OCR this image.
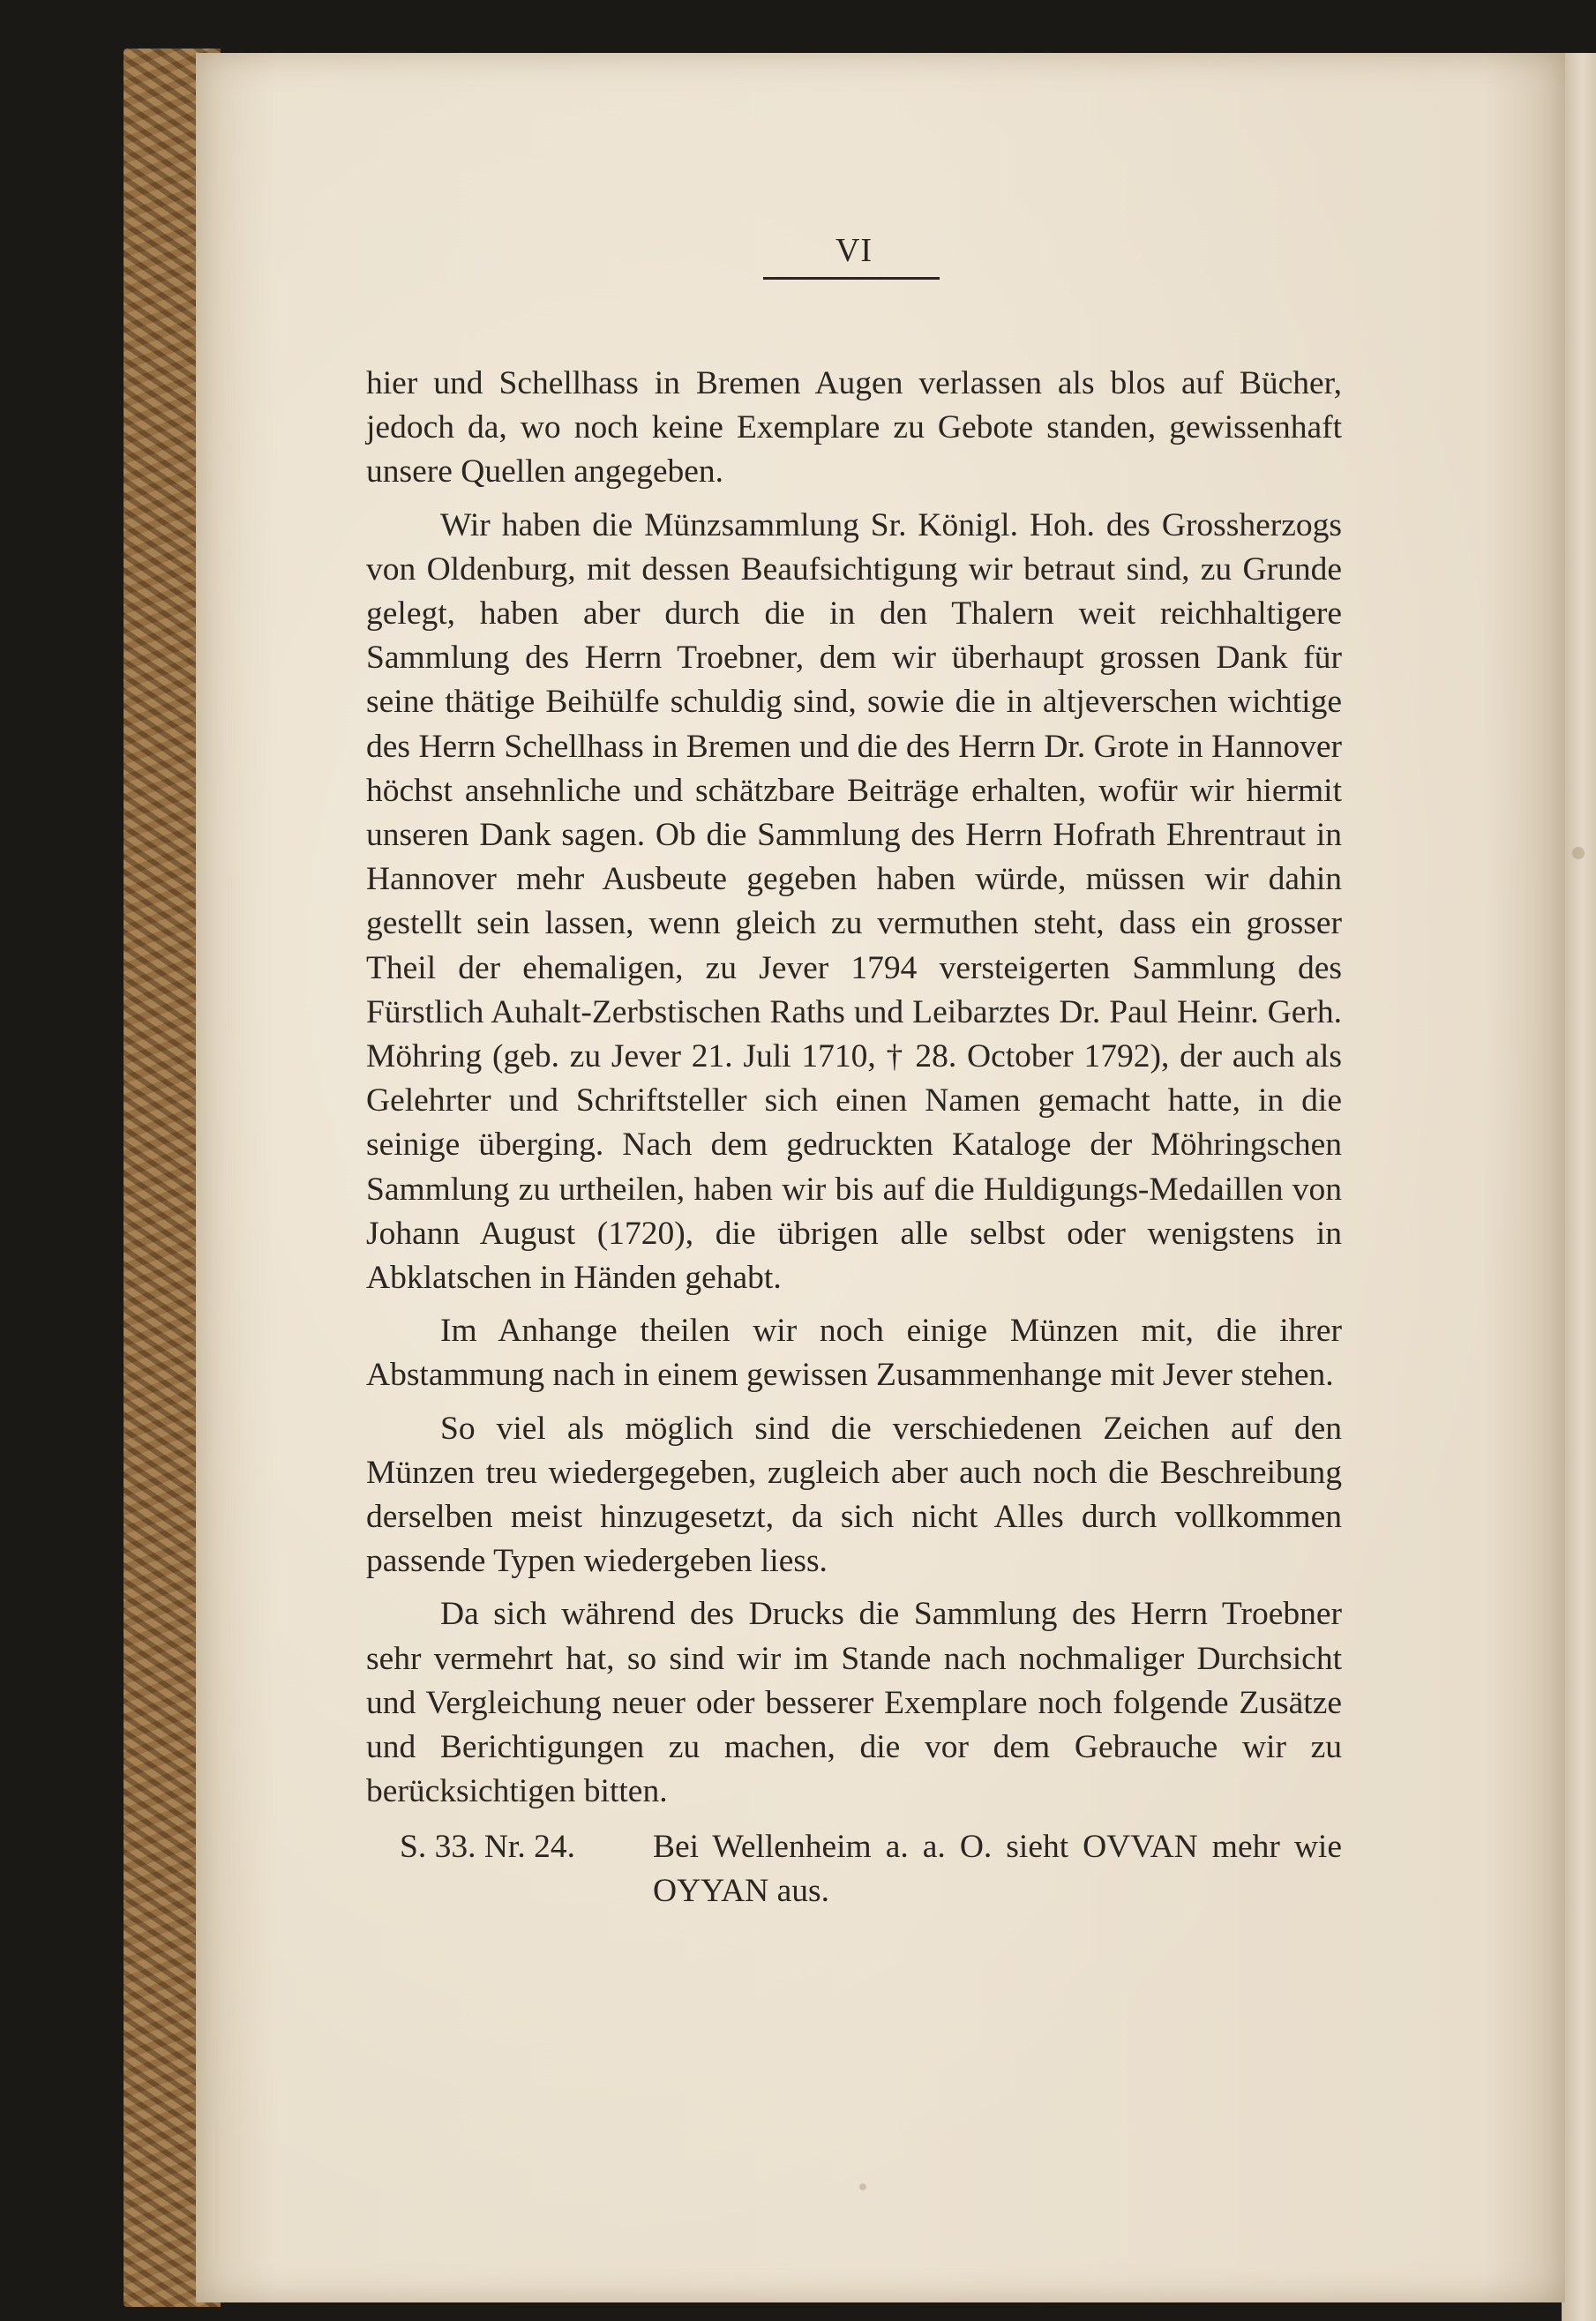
VI

hier und Schellhass in Bremen Augen verlassen als blos auf Bücher, jedoch da, wo noch keine Exemplare zu Gebote standen, gewissenhaft unsere Quellen angegeben.

Wir haben die Münzsammlung Sr. Königl. Hoh. des Grossherzogs von Oldenburg, mit dessen Beaufsichtigung wir betraut sind, zu Grunde gelegt, haben aber durch die in den Thalern weit reichhaltigere Sammlung des Herrn Troebner, dem wir überhaupt grossen Dank für seine thätige Beihülfe schuldig sind, sowie die in altjeverschen wichtige des Herrn Schellhass in Bremen und die des Herrn Dr. Grote in Hannover höchst ansehnliche und schätzbare Beiträge erhalten, wofür wir hiermit unseren Dank sagen. Ob die Sammlung des Herrn Hofrath Ehrentraut in Hannover mehr Ausbeute gegeben haben würde, müssen wir dahin gestellt sein lassen, wenn gleich zu vermuthen steht, dass ein grosser Theil der ehemaligen, zu Jever 1794 versteigerten Sammlung des Fürstlich Auhalt-Zerbstischen Raths und Leibarztes Dr. Paul Heinr. Gerh. Möhring (geb. zu Jever 21. Juli 1710, † 28. October 1792), der auch als Gelehrter und Schriftsteller sich einen Namen gemacht hatte, in die seinige überging. Nach dem gedruckten Kataloge der Möhringschen Sammlung zu urtheilen, haben wir bis auf die Huldigungs-Medaillen von Johann August (1720), die übrigen alle selbst oder wenigstens in Abklatschen in Händen gehabt.

Im Anhange theilen wir noch einige Münzen mit, die ihrer Abstammung nach in einem gewissen Zusammenhange mit Jever stehen.

So viel als möglich sind die verschiedenen Zeichen auf den Münzen treu wiedergegeben, zugleich aber auch noch die Beschreibung derselben meist hinzugesetzt, da sich nicht Alles durch vollkommen passende Typen wiedergeben liess.

Da sich während des Drucks die Sammlung des Herrn Troebner sehr vermehrt hat, so sind wir im Stande nach nochmaliger Durchsicht und Vergleichung neuer oder besserer Exemplare noch folgende Zusätze und Berichtigungen zu machen, die vor dem Gebrauche wir zu berücksichtigen bitten.

S. 33. Nr. 24.	Bei Wellenheim a. a. O. sieht OVVAN mehr wie OYYAN aus.
